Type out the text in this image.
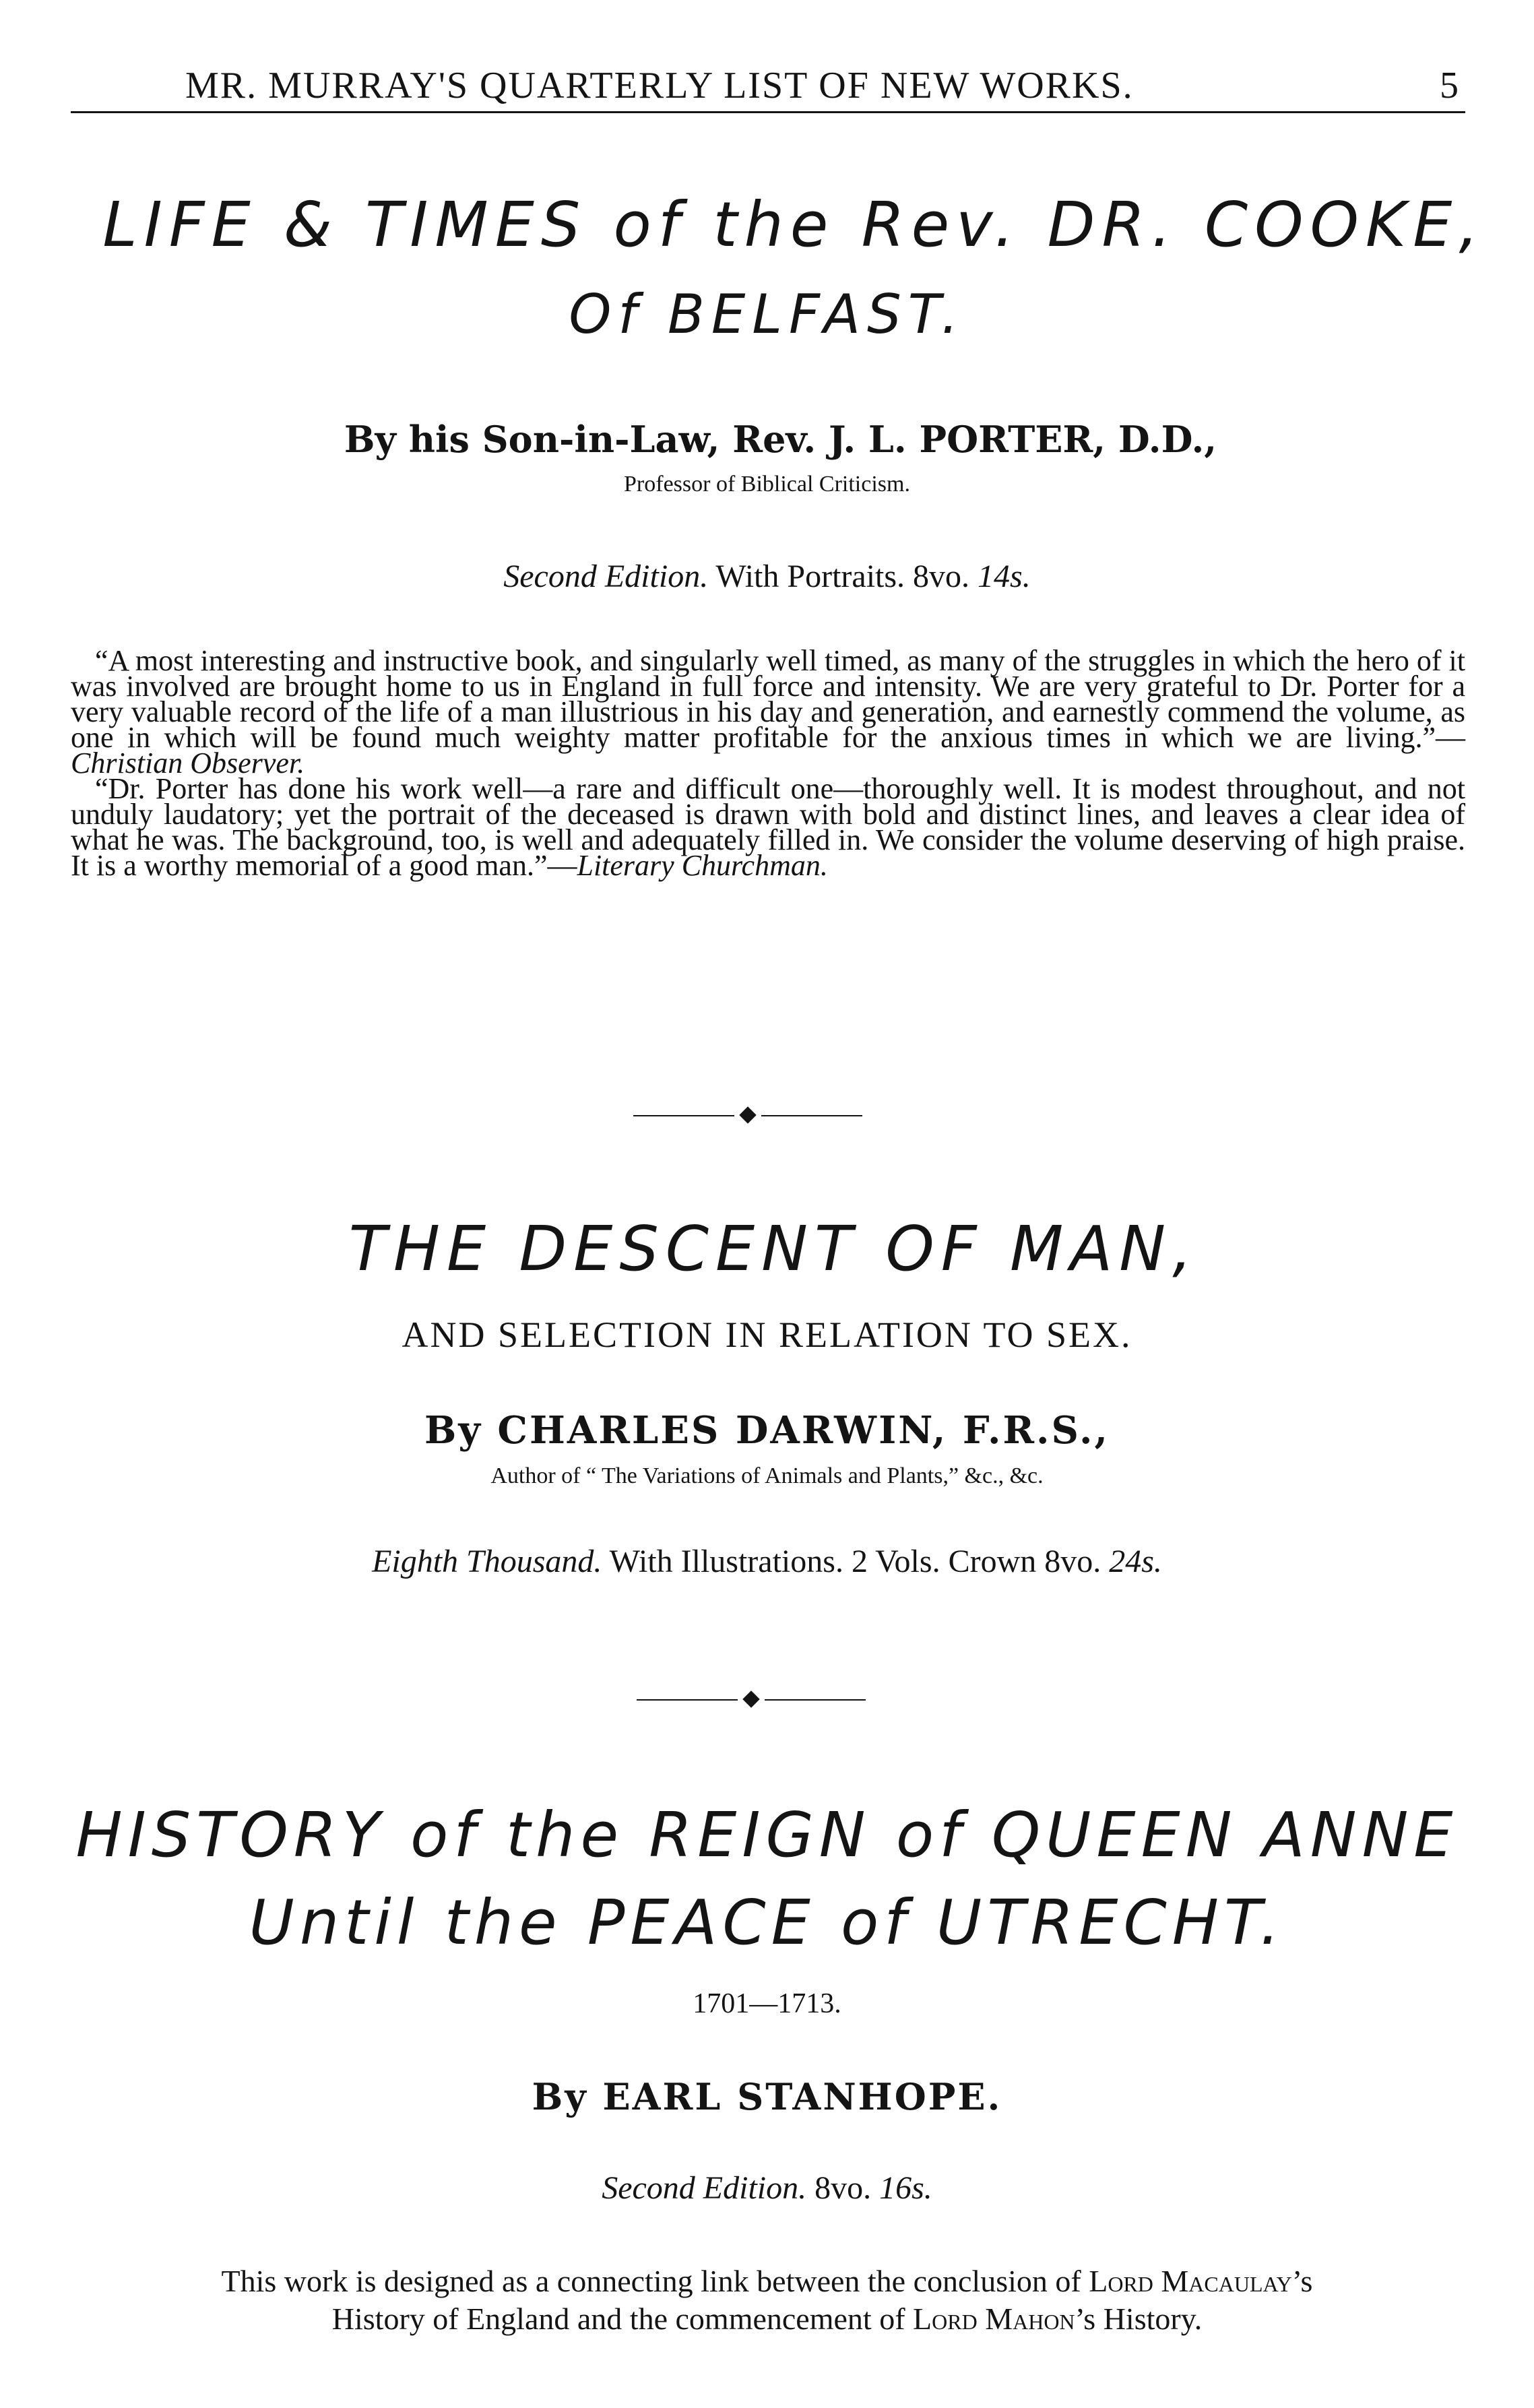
MR. MURRAY'S QUARTERLY LIST OF NEW WORKS.	5
LIFE & TIMES of the Rev. DR. COOKE,
Of BELFAST.
By his Son-in-Law, Rev. J. L. PORTER, D.D.,
Professor of Biblical Criticism.
Second Edition. With Portraits. 8vo. 14s.

“A most interesting and instructive book, and singularly well timed, as many of the struggles in which the hero of it was involved are brought home to us in England in full force and intensity. We are very grateful to Dr. Porter for a very valuable record of the life of a man illustrious in his day and generation, and earnestly commend the volume, as one in which will be found much weighty matter profitable for the anxious times in which we are living.”— Christian Observer.

“Dr. Porter has done his work well—a rare and difficult one—thoroughly well. It is modest throughout, and not unduly laudatory; yet the portrait of the deceased is drawn with bold and distinct lines, and leaves a clear idea of what he was. The background, too, is well and adequately filled in. We consider the volume deserving of high praise. It is a worthy memorial of a good man.”—Literary Churchman.

THE DESCENT OF MAN,
AND SELECTION IN RELATION TO SEX.
By CHARLES DARWIN, F.R.S.,
Author of “ The Variations of Animals and Plants,” &c., &c.
Eighth Thousand. With Illustrations. 2 Vols. Crown 8vo. 24s.
HISTORY of the REIGN of QUEEN ANNE
Until the PEACE of UTRECHT.
1701—1713.
By EARL STANHOPE.
Second Edition. 8vo. 16s.
This work is designed as a connecting link between the conclusion of Lord Macaulay’s
History of England and the commencement of Lord Mahon’s History.
